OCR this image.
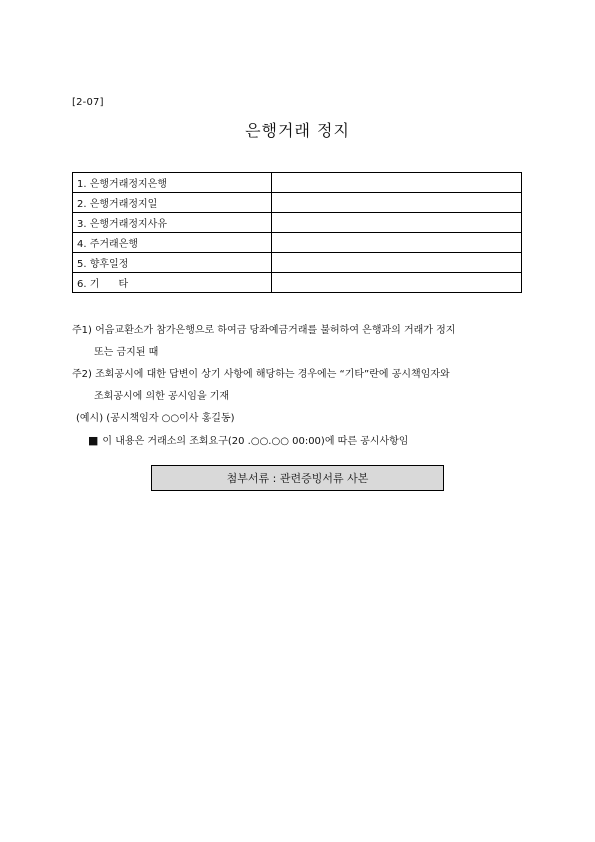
[2-07]
은행거래 정지
1. 은행거래정지은행	
2. 은행거래정지일	
3. 은행거래정지사유	
4. 주거래은행	
5. 향후일정	
6. 기      타	
주1) 어음교환소가 참가은행으로 하여금 당좌예금거래를 불허하여 은행과의 거래가 정지
또는 금지된 때
주2) 조회공시에 대한 답변이 상기 사항에 해당하는 경우에는 “기타”란에 공시책임자와
조회공시에 의한 공시임을 기재
(예시) (공시책임자 ○○이사 홍길동)
■ 이 내용은 거래소의 조회요구(20 .○○.○○ 00:00)에 따른 공시사항임
첨부서류 : 관련증빙서류 사본
